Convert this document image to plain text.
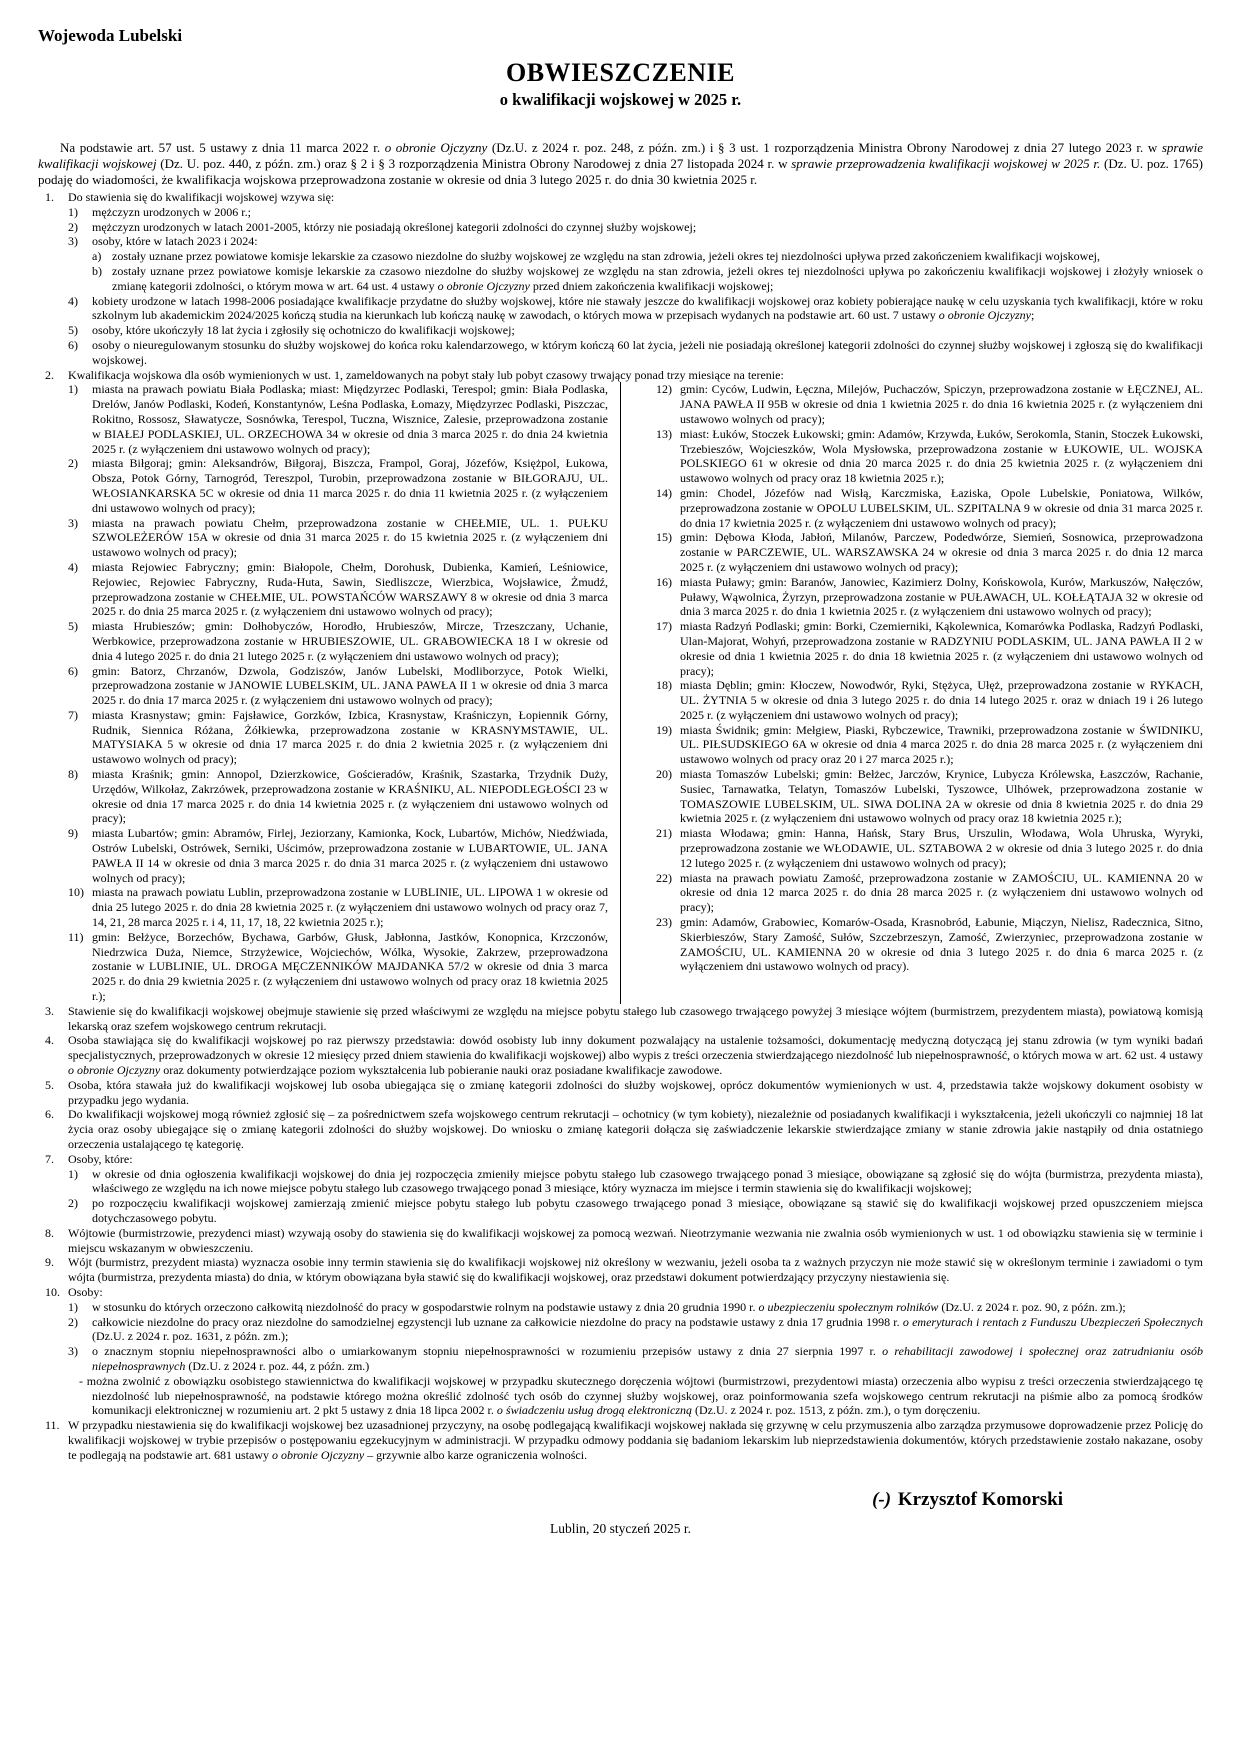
Wojewoda Lubelski
OBWIESZCZENIE
o kwalifikacji wojskowej w 2025 r.

Na podstawie art. 57 ust. 5 ustawy z dnia 11 marca 2022 r. o obronie Ojczyzny (Dz.U. z 2024 r. poz. 248, z późn. zm.) i § 3 ust. 1 rozporządzenia Ministra Obrony Narodowej z dnia 27 lutego 2023 r. w sprawie kwalifikacji wojskowej (Dz. U. poz. 440, z późn. zm.) oraz § 2 i § 3 rozporządzenia Ministra Obrony Narodowej z dnia 27 listopada 2024 r. w sprawie przeprowadzenia kwalifikacji wojskowej w 2025 r. (Dz. U. poz. 1765) podaję do wiadomości, że kwalifikacja wojskowa przeprowadzona zostanie w okresie od dnia 3 lutego 2025 r. do dnia 30 kwietnia 2025 r.

1.	Do stawienia się do kwalifikacji wojskowej wzywa się:
1)	mężczyzn urodzonych w 2006 r.;
2)	mężczyzn urodzonych w latach 2001-2005, którzy nie posiadają określonej kategorii zdolności do czynnej służby wojskowej;
3)	osoby, które w latach 2023 i 2024:
a) zostały uznane przez powiatowe komisje lekarskie za czasowo niezdolne do służby wojskowej ze względu na stan zdrowia, jeżeli okres tej niezdolności upływa przed zakończeniem kwalifikacji wojskowej,
b) zostały uznane przez powiatowe komisje lekarskie za czasowo niezdolne do służby wojskowej ze względu na stan zdrowia, jeżeli okres tej niezdolności upływa po zakończeniu kwalifikacji wojskowej i złożyły wniosek o zmianę kategorii zdolności, o którym mowa w art. 64 ust. 4 ustawy o obronie Ojczyzny przed dniem zakończenia kwalifikacji wojskowej;
4)	kobiety urodzone w latach 1998-2006 posiadające kwalifikacje przydatne do służby wojskowej, które nie stawały jeszcze do kwalifikacji wojskowej oraz kobiety pobierające naukę w celu uzyskania tych kwalifikacji, które w roku szkolnym lub akademickim 2024/2025 kończą studia na kierunkach lub kończą naukę w zawodach, o których mowa w przepisach wydanych na podstawie art. 60 ust. 7 ustawy o obronie Ojczyzny;
5)	osoby, które ukończyły 18 lat życia i zgłosiły się ochotniczo do kwalifikacji wojskowej;
6)	osoby o nieuregulowanym stosunku do służby wojskowej do końca roku kalendarzowego, w którym kończą 60 lat życia, jeżeli nie posiadają określonej kategorii zdolności do czynnej służby wojskowej i zgłoszą się do kwalifikacji wojskowej.
2.	Kwalifikacja wojskowa dla osób wymienionych w ust. 1, zameldowanych na pobyt stały lub pobyt czasowy trwający ponad trzy miesiące na terenie:
1)	miasta na prawach powiatu Biała Podlaska; miast: Międzyrzec Podlaski, Terespol; gmin: Biała Podlaska, Drelów, Janów Podlaski, Kodeń, Konstantynów, Leśna Podlaska, Łomazy, Międzyrzec Podlaski, Piszczac, Rokitno, Rossosz, Sławatycze, Sosnówka, Terespol, Tuczna, Wisznice, Zalesie, przeprowadzona zostanie w BIAŁEJ PODLASKIEJ, UL. ORZECHOWA 34 w okresie od dnia 3 marca 2025 r. do dnia 24 kwietnia 2025 r. (z wyłączeniem dni ustawowo wolnych od pracy);
2)	miasta Biłgoraj; gmin: Aleksandrów, Biłgoraj, Biszcza, Frampol, Goraj, Józefów, Księżpol, Łukowa, Obsza, Potok Górny, Tarnogród, Tereszpol, Turobin, przeprowadzona zostanie w BIŁGORAJU, UL. WŁOSIANKARSKA 5C w okresie od dnia 11 marca 2025 r. do dnia 11 kwietnia 2025 r. (z wyłączeniem dni ustawowo wolnych od pracy);
3)	miasta na prawach powiatu Chełm, przeprowadzona zostanie w CHEŁMIE, UL. 1. PUŁKU SZWOLEŻERÓW 15A w okresie od dnia 31 marca 2025 r. do 15 kwietnia 2025 r. (z wyłączeniem dni ustawowo wolnych od pracy);
4)	miasta Rejowiec Fabryczny; gmin: Białopole, Chełm, Dorohusk, Dubienka, Kamień, Leśniowice, Rejowiec, Rejowiec Fabryczny, Ruda-Huta, Sawin, Siedliszcze, Wierzbica, Wojsławice, Żmudź, przeprowadzona zostanie w CHEŁMIE, UL. POWSTAŃCÓW WARSZAWY 8 w okresie od dnia 3 marca 2025 r. do dnia 25 marca 2025 r. (z wyłączeniem dni ustawowo wolnych od pracy);
5)	miasta Hrubieszów; gmin: Dołhobyczów, Horodło, Hrubieszów, Mircze, Trzeszczany, Uchanie, Werbkowice, przeprowadzona zostanie w HRUBIESZOWIE, UL. GRABOWIECKA 18 I w okresie od dnia 4 lutego 2025 r. do dnia 21 lutego 2025 r. (z wyłączeniem dni ustawowo wolnych od pracy);
6)	gmin: Batorz, Chrzanów, Dzwola, Godziszów, Janów Lubelski, Modliborzyce, Potok Wielki, przeprowadzona zostanie w JANOWIE LUBELSKIM, UL. JANA PAWŁA II 1 w okresie od dnia 3 marca 2025 r. do dnia 17 marca 2025 r. (z wyłączeniem dni ustawowo wolnych od pracy);
7)	miasta Krasnystaw; gmin: Fajsławice, Gorzków, Izbica, Krasnystaw, Kraśniczyn, Łopiennik Górny, Rudnik, Siennica Różana, Żółkiewka, przeprowadzona zostanie w KRASNYMSTAWIE, UL. MATYSIAKA 5 w okresie od dnia 17 marca 2025 r. do dnia 2 kwietnia 2025 r. (z wyłączeniem dni ustawowo wolnych od pracy);
8)	miasta Kraśnik; gmin: Annopol, Dzierzkowice, Gościeradów, Kraśnik, Szastarka, Trzydnik Duży, Urzędów, Wilkołaz, Zakrzówek, przeprowadzona zostanie w KRAŚNIKU, AL. NIEPODLEGŁOŚCI 23 w okresie od dnia 17 marca 2025 r. do dnia 14 kwietnia 2025 r. (z wyłączeniem dni ustawowo wolnych od pracy);
9)	miasta Lubartów; gmin: Abramów, Firlej, Jeziorzany, Kamionka, Kock, Lubartów, Michów, Niedźwiada, Ostrów Lubelski, Ostrówek, Serniki, Uścimów, przeprowadzona zostanie w LUBARTOWIE, UL. JANA PAWŁA II 14 w okresie od dnia 3 marca 2025 r. do dnia 31 marca 2025 r. (z wyłączeniem dni ustawowo wolnych od pracy);
10) miasta na prawach powiatu Lublin, przeprowadzona zostanie w LUBLINIE, UL. LIPOWA 1 w okresie od dnia 25 lutego 2025 r. do dnia 28 kwietnia 2025 r. (z wyłączeniem dni ustawowo wolnych od pracy oraz 7, 14, 21, 28 marca 2025 r. i 4, 11, 17, 18, 22 kwietnia 2025 r.);
11) gmin: Bełżyce, Borzechów, Bychawa, Garbów, Głusk, Jabłonna, Jastków, Konopnica, Krzczonów, Niedrzwica Duża, Niemce, Strzyżewice, Wojciechów, Wólka, Wysokie, Zakrzew, przeprowadzona zostanie w LUBLINIE, UL. DROGA MĘCZENNIKÓW MAJDANKA 57/2 w okresie od dnia 3 marca 2025 r. do dnia 29 kwietnia 2025 r. (z wyłączeniem dni ustawowo wolnych od pracy oraz 18 kwietnia 2025 r.);
12) gmin: Cyców, Ludwin, Łęczna, Milejów, Puchaczów, Spiczyn, przeprowadzona zostanie w ŁĘCZNEJ, AL. JANA PAWŁA II 95B w okresie od dnia 1 kwietnia 2025 r. do dnia 16 kwietnia 2025 r. (z wyłączeniem dni ustawowo wolnych od pracy);
13) miast: Łuków, Stoczek Łukowski; gmin: Adamów, Krzywda, Łuków, Serokomla, Stanin, Stoczek Łukowski, Trzebieszów, Wojcieszków, Wola Mysłowska, przeprowadzona zostanie w ŁUKOWIE, UL. WOJSKA POLSKIEGO 61 w okresie od dnia 20 marca 2025 r. do dnia 25 kwietnia 2025 r. (z wyłączeniem dni ustawowo wolnych od pracy oraz 18 kwietnia 2025 r.);
14) gmin: Chodel, Józefów nad Wisłą, Karczmiska, Łaziska, Opole Lubelskie, Poniatowa, Wilków, przeprowadzona zostanie w OPOLU LUBELSKIM, UL. SZPITALNA 9 w okresie od dnia 31 marca 2025 r. do dnia 17 kwietnia 2025 r. (z wyłączeniem dni ustawowo wolnych od pracy);
15) gmin: Dębowa Kłoda, Jabłoń, Milanów, Parczew, Podedwórze, Siemień, Sosnowica, przeprowadzona zostanie w PARCZEWIE, UL. WARSZAWSKA 24 w okresie od dnia 3 marca 2025 r. do dnia 12 marca 2025 r. (z wyłączeniem dni ustawowo wolnych od pracy);
16) miasta Puławy; gmin: Baranów, Janowiec, Kazimierz Dolny, Końskowola, Kurów, Markuszów, Nałęczów, Puławy, Wąwolnica, Żyrzyn, przeprowadzona zostanie w PUŁAWACH, UL. KOŁŁĄTAJA 32 w okresie od dnia 3 marca 2025 r. do dnia 1 kwietnia 2025 r. (z wyłączeniem dni ustawowo wolnych od pracy);
17) miasta Radzyń Podlaski; gmin: Borki, Czemierniki, Kąkolewnica, Komarówka Podlaska, Radzyń Podlaski, Ulan-Majorat, Wohyń, przeprowadzona zostanie w RADZYNIU PODLASKIM, UL. JANA PAWŁA II 2 w okresie od dnia 1 kwietnia 2025 r. do dnia 18 kwietnia 2025 r. (z wyłączeniem dni ustawowo wolnych od pracy);
18) miasta Dęblin; gmin: Kłoczew, Nowodwór, Ryki, Stężyca, Ułęż, przeprowadzona zostanie w RYKACH, UL. ŻYTNIA 5 w okresie od dnia 3 lutego 2025 r. do dnia 14 lutego 2025 r. oraz w dniach 19 i 26 lutego 2025 r. (z wyłączeniem dni ustawowo wolnych od pracy);
19) miasta Świdnik; gmin: Mełgiew, Piaski, Rybczewice, Trawniki, przeprowadzona zostanie w ŚWIDNIKU, UL. PIŁSUDSKIEGO 6A w okresie od dnia 4 marca 2025 r. do dnia 28 marca 2025 r. (z wyłączeniem dni ustawowo wolnych od pracy oraz 20 i 27 marca 2025 r.);
20) miasta Tomaszów Lubelski; gmin: Bełżec, Jarczów, Krynice, Lubycza Królewska, Łaszczów, Rachanie, Susiec, Tarnawatka, Telatyn, Tomaszów Lubelski, Tyszowce, Ulhówek, przeprowadzona zostanie w TOMASZOWIE LUBELSKIM, UL. SIWA DOLINA 2A w okresie od dnia 8 kwietnia 2025 r. do dnia 29 kwietnia 2025 r. (z wyłączeniem dni ustawowo wolnych od pracy oraz 18 kwietnia 2025 r.);
21) miasta Włodawa; gmin: Hanna, Hańsk, Stary Brus, Urszulin, Włodawa, Wola Uhruska, Wyryki, przeprowadzona zostanie we WŁODAWIE, UL. SZTABOWA 2 w okresie od dnia 3 lutego 2025 r. do dnia 12 lutego 2025 r. (z wyłączeniem dni ustawowo wolnych od pracy);
22) miasta na prawach powiatu Zamość, przeprowadzona zostanie w ZAMOŚCIU, UL. KAMIENNA 20 w okresie od dnia 12 marca 2025 r. do dnia 28 marca 2025 r. (z wyłączeniem dni ustawowo wolnych od pracy);
23) gmin: Adamów, Grabowiec, Komarów-Osada, Krasnobród, Łabunie, Miączyn, Nielisz, Radecznica, Sitno, Skierbieszów, Stary Zamość, Sułów, Szczebrzeszyn, Zamość, Zwierzyniec, przeprowadzona zostanie w ZAMOŚCIU, UL. KAMIENNA 20 w okresie od dnia 3 lutego 2025 r. do dnia 6 marca 2025 r. (z wyłączeniem dni ustawowo wolnych od pracy).
3.	Stawienie się do kwalifikacji wojskowej obejmuje stawienie się przed właściwymi ze względu na miejsce pobytu stałego lub czasowego trwającego powyżej 3 miesiące wójtem (burmistrzem, prezydentem miasta), powiatową komisją lekarską oraz szefem wojskowego centrum rekrutacji.
4.	Osoba stawiająca się do kwalifikacji wojskowej po raz pierwszy przedstawia: dowód osobisty lub inny dokument pozwalający na ustalenie tożsamości, dokumentację medyczną dotyczącą jej stanu zdrowia (w tym wyniki badań specjalistycznych, przeprowadzonych w okresie 12 miesięcy przed dniem stawienia do kwalifikacji wojskowej) albo wypis z treści orzeczenia stwierdzającego niezdolność lub niepełnosprawność, o których mowa w art. 62 ust. 4 ustawy o obronie Ojczyzny oraz dokumenty potwierdzające poziom wykształcenia lub pobieranie nauki oraz posiadane kwalifikacje zawodowe.
5.	Osoba, która stawała już do kwalifikacji wojskowej lub osoba ubiegająca się o zmianę kategorii zdolności do służby wojskowej, oprócz dokumentów wymienionych w ust. 4, przedstawia także wojskowy dokument osobisty w przypadku jego wydania.
6.	Do kwalifikacji wojskowej mogą również zgłosić się – za pośrednictwem szefa wojskowego centrum rekrutacji – ochotnicy (w tym kobiety), niezależnie od posiadanych kwalifikacji i wykształcenia, jeżeli ukończyli co najmniej 18 lat życia oraz osoby ubiegające się o zmianę kategorii zdolności do służby wojskowej. Do wniosku o zmianę kategorii dołącza się zaświadczenie lekarskie stwierdzające zmiany w stanie zdrowia jakie nastąpiły od dnia ostatniego orzeczenia ustalającego tę kategorię.
7.	Osoby, które:
1)	w okresie od dnia ogłoszenia kwalifikacji wojskowej do dnia jej rozpoczęcia zmieniły miejsce pobytu stałego lub czasowego trwającego ponad 3 miesiące, obowiązane są zgłosić się do wójta (burmistrza, prezydenta miasta), właściwego ze względu na ich nowe miejsce pobytu stałego lub czasowego trwającego ponad 3 miesiące, który wyznacza im miejsce i termin stawienia się do kwalifikacji wojskowej;
2)	po rozpoczęciu kwalifikacji wojskowej zamierzają zmienić miejsce pobytu stałego lub pobytu czasowego trwającego ponad 3 miesiące, obowiązane są stawić się do kwalifikacji wojskowej przed opuszczeniem miejsca dotychczasowego pobytu.
8.	Wójtowie (burmistrzowie, prezydenci miast) wzywają osoby do stawienia się do kwalifikacji wojskowej za pomocą wezwań. Nieotrzymanie wezwania nie zwalnia osób wymienionych w ust. 1 od obowiązku stawienia się w terminie i miejscu wskazanym w obwieszczeniu.
9.	Wójt (burmistrz, prezydent miasta) wyznacza osobie inny termin stawienia się do kwalifikacji wojskowej niż określony w wezwaniu, jeżeli osoba ta z ważnych przyczyn nie może stawić się w określonym terminie i zawiadomi o tym wójta (burmistrza, prezydenta miasta) do dnia, w którym obowiązana była stawić się do kwalifikacji wojskowej, oraz przedstawi dokument potwierdzający przyczyny niestawienia się.
10. Osoby:
1)	w stosunku do których orzeczono całkowitą niezdolność do pracy w gospodarstwie rolnym na podstawie ustawy z dnia 20 grudnia 1990 r. o ubezpieczeniu społecznym rolników (Dz.U. z 2024 r. poz. 90, z późn. zm.);
2)	całkowicie niezdolne do pracy oraz niezdolne do samodzielnej egzystencji lub uznane za całkowicie niezdolne do pracy na podstawie ustawy z dnia 17 grudnia 1998 r. o emeryturach i rentach z Funduszu Ubezpieczeń Społecznych (Dz.U. z 2024 r. poz. 1631, z późn. zm.);
3)	o znacznym stopniu niepełnosprawności albo o umiarkowanym stopniu niepełnosprawności w rozumieniu przepisów ustawy z dnia 27 sierpnia 1997 r. o rehabilitacji zawodowej i społecznej oraz zatrudnianiu osób niepełnosprawnych (Dz.U. z 2024 r. poz. 44, z późn. zm.)
- można zwolnić z obowiązku osobistego stawiennictwa do kwalifikacji wojskowej w przypadku skutecznego doręczenia wójtowi (burmistrzowi, prezydentowi miasta) orzeczenia albo wypisu z treści orzeczenia stwierdzającego tę niezdolność lub niepełnosprawność, na podstawie którego można określić zdolność tych osób do czynnej służby wojskowej, oraz poinformowania szefa wojskowego centrum rekrutacji na piśmie albo za pomocą środków komunikacji elektronicznej w rozumieniu art. 2 pkt 5 ustawy z dnia 18 lipca 2002 r. o świadczeniu usług drogą elektroniczną (Dz.U. z 2024 r. poz. 1513, z późn. zm.), o tym doręczeniu.
11. W przypadku niestawienia się do kwalifikacji wojskowej bez uzasadnionej przyczyny, na osobę podlegającą kwalifikacji wojskowej nakłada się grzywnę w celu przymuszenia albo zarządza przymusowe doprowadzenie przez Policję do kwalifikacji wojskowej w trybie przepisów o postępowaniu egzekucyjnym w administracji. W przypadku odmowy poddania się badaniom lekarskim lub nieprzedstawienia dokumentów, których przedstawienie zostało nakazane, osoby te podlegają na podstawie art. 681 ustawy o obronie Ojczyzny – grzywnie albo karze ograniczenia wolności.
(-) Krzysztof Komorski
Lublin, 20 styczeń 2025 r.
